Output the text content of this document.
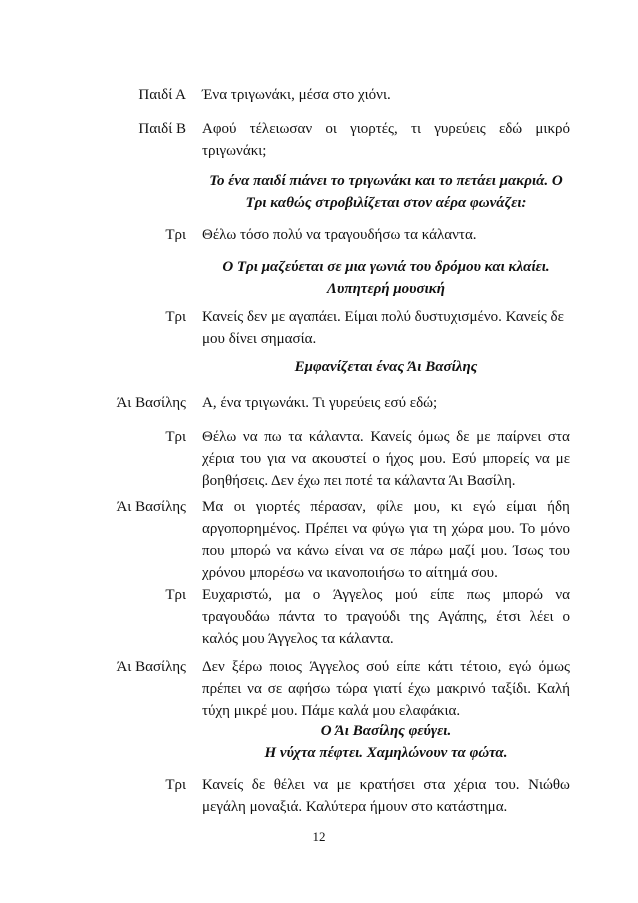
Παιδί Α Ένα τριγωνάκι, μέσα στο χιόνι.
Παιδί Β Αφού τέλειωσαν οι γιορτές, τι γυρεύεις εδώ μικρό
τριγωνάκι;
Το ένα παιδί πιάνει το τριγωνάκι και το πετάει μακριά. Ο
Τρι καθώς στροβιλίζεται στον αέρα φωνάζει:
Τρι Θέλω τόσο πολύ να τραγουδήσω τα κάλαντα.
Ο Τρι μαζεύεται σε μια γωνιά του δρόμου και κλαίει.
Λυπητερή μουσική
Τρι Κανείς δεν με αγαπάει. Είμαι πολύ δυστυχισμένο. Κανείς δε
μου δίνει σημασία.
Εμφανίζεται ένας Άι Βασίλης
Άι Βασίλης Α, ένα τριγωνάκι. Τι γυρεύεις εσύ εδώ;
Τρι Θέλω να πω τα κάλαντα. Κανείς όμως δε με παίρνει στα
χέρια του για να ακουστεί ο ήχος μου. Εσύ μπορείς να με
βοηθήσεις. Δεν έχω πει ποτέ τα κάλαντα Άι Βασίλη.
Άι Βασίλης Μα οι γιορτές πέρασαν, φίλε μου, κι εγώ είμαι ήδη
αργοπορημένος. Πρέπει να φύγω για τη χώρα μου. Το μόνο
που μπορώ να κάνω είναι να σε πάρω μαζί μου. Ίσως του
χρόνου μπορέσω να ικανοποιήσω το αίτημά σου.
Τρι Ευχαριστώ, μα ο Άγγελος μού είπε πως μπορώ να
τραγουδάω πάντα το τραγούδι της Αγάπης, έτσι λέει ο
καλός μου Άγγελος τα κάλαντα.
Άι Βασίλης Δεν ξέρω ποιος Άγγελος σού είπε κάτι τέτοιο, εγώ όμως
πρέπει να σε αφήσω τώρα γιατί έχω μακρινό ταξίδι. Καλή
τύχη μικρέ μου. Πάμε καλά μου ελαφάκια.
Ο Άι Βασίλης φεύγει.
Η νύχτα πέφτει. Χαμηλώνουν τα φώτα.
Τρι Κανείς δε θέλει να με κρατήσει στα χέρια του. Νιώθω
μεγάλη μοναξιά. Καλύτερα ήμουν στο κατάστημα.
12
